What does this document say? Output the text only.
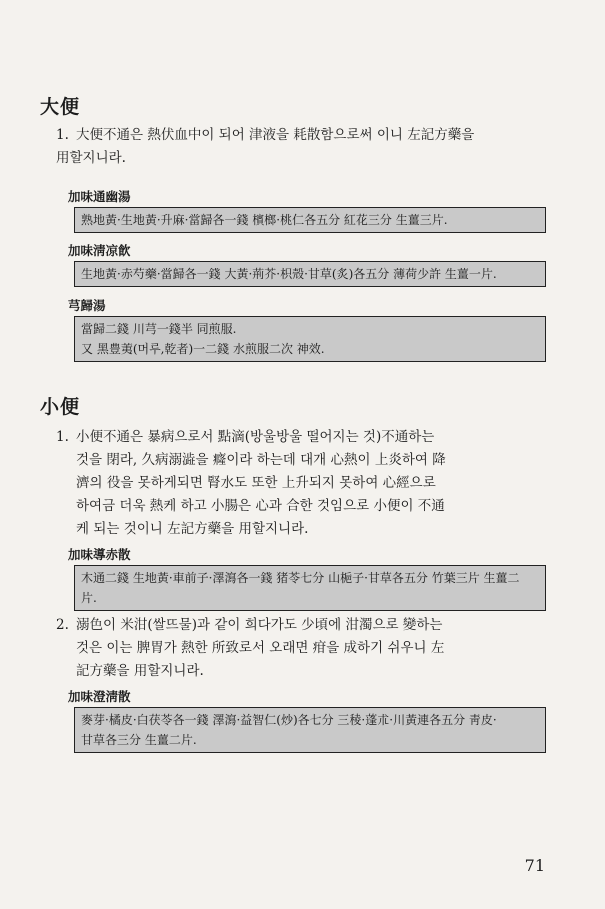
大便
1. 大便不通은 熱伏血中이 되어 津液을 耗散함으로써 이니 左記方藥을
用할지니라.
加味通幽湯
熟地黃·生地黃·升麻·當歸各一錢 檳榔·桃仁各五分 紅花三分 生薑三片.
加味淸凉飮
生地黃·赤芍藥·當歸各一錢 大黃·荊芥·枳殼·甘草(炙)各五分 薄荷少許 生薑一片.
芎歸湯
當歸二錢 川芎一錢半 同煎服.
又 黑豊荑(머루,乾者)一二錢 水煎服二次 神效.
小便
1. 小便不通은 暴病으로서 點滴(방울방울 떨어지는 것)不通하는
것을 閉라, 久病溺澁을 癃이라 하는데 대개 心熱이 上炎하여 降
濟의 役을 못하게되면 腎水도 또한 上升되지 못하여 心經으로
하여금 더욱 熱케 하고 小腸은 心과 合한 것임으로 小便이 不通
케 되는 것이니 左記方藥을 用할지니라.
加味導赤散
木通二錢 生地黃·車前子·澤瀉各一錢 猪苓七分 山梔子·甘草各五分 竹葉三片 生薑二
片.
2. 溺色이 米泔(쌀뜨물)과 같이 희다가도 少頃에 泔濁으로 變하는
것은 이는 脾胃가 熱한 所致로서 오래면 疳을 成하기 쉬우니 左
記方藥을 用할지니라.
加味澄淸散
麥芽·橘皮·白茯苓各一錢 澤瀉·益智仁(炒)各七分 三稜·蓬朮·川黃連各五分 靑皮·
甘草各三分 生薑二片.
71
